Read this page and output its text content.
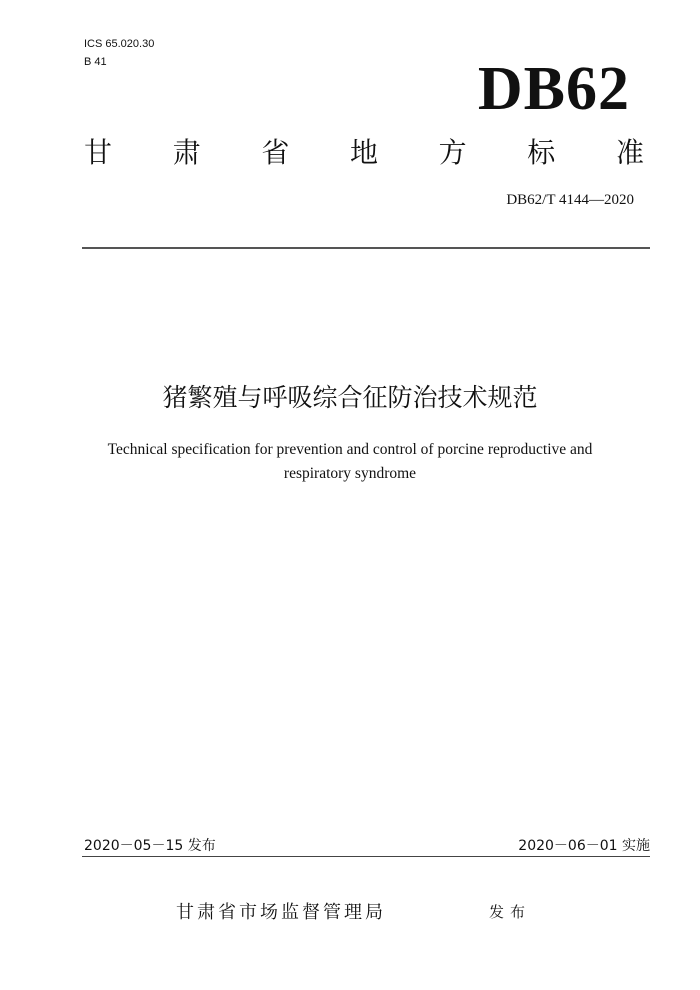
ICS 65.020.30
B 41	DB62
甘 肃 省 地 方 标 准
DB62/T 4144—2020
猪繁殖与呼吸综合征防治技术规范
Technical specification for prevention and control of porcine reproductive and
respiratory syndrome
2020－05－15 发布	2020－06－01 实施
甘肃省市场监督管理局	发布
